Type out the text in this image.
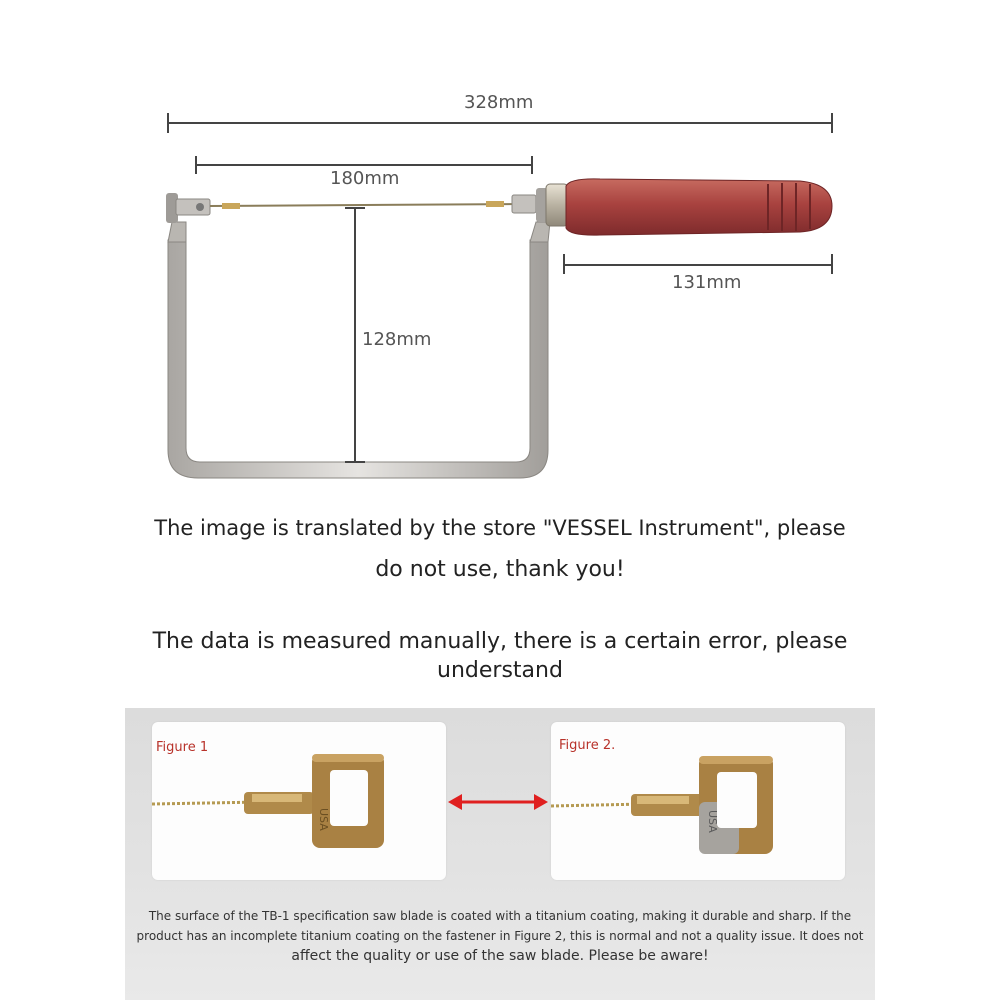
328mm
180mm
131mm
128mm
The image is translated by the store "VESSEL Instrument", please
do not use, thank you!
The data is measured manually, there is a certain error, please
understand
USA
Figure 1
USA
Figure 2.
The surface of the TB-1 specification saw blade is coated with a titanium coating, making it durable and sharp. If the
product has an incomplete titanium coating on the fastener in Figure 2, this is normal and not a quality issue. It does not
affect the quality or use of the saw blade. Please be aware!
